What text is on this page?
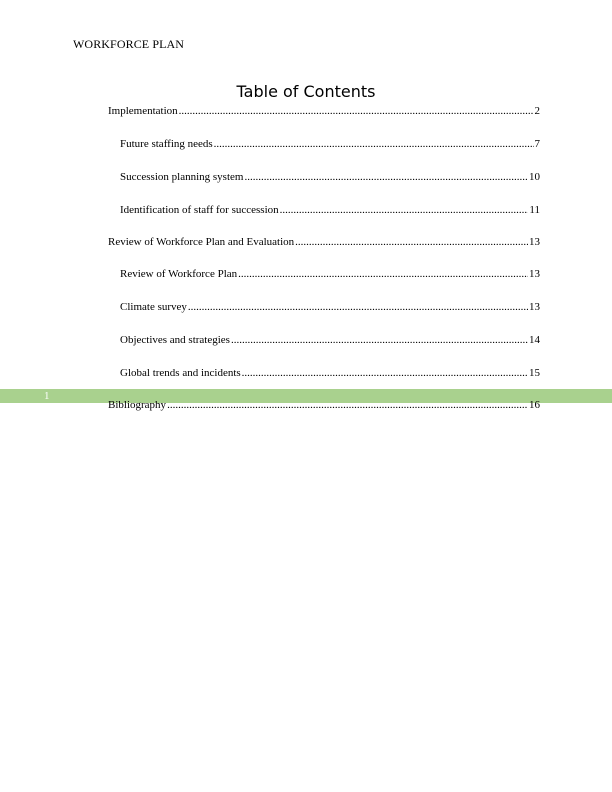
WORKFORCE PLAN
Table of Contents
Implementation .....	2
Future staffing needs .....	7
Succession planning system .....	10
Identification of staff for succession .....	11
Review of Workforce Plan and Evaluation .....	13
Review of Workforce Plan .....	13
Climate survey .....	13
Objectives and strategies .....	14
Global trends and incidents .....	15
1
Bibliography .....	16
